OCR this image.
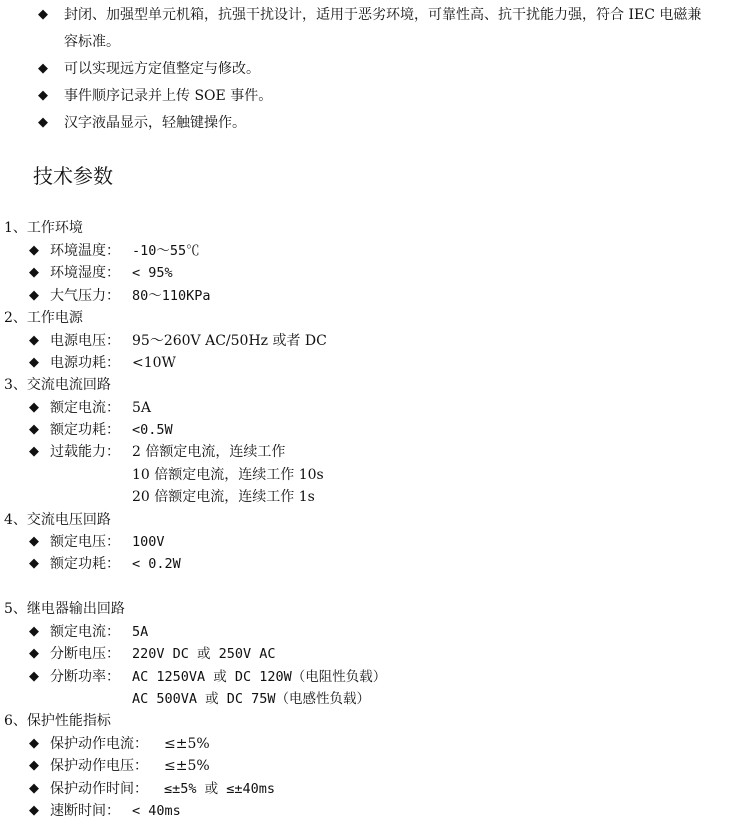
◆ 封闭、加强型单元机箱，抗强干扰设计，适用于恶劣环境，可靠性高、抗干扰能力强，符合 IEC 电磁兼
容标准。
◆ 可以实现远方定值整定与修改。
◆ 事件顺序记录并上传 SOE 事件。
◆ 汉字液晶显示，轻触键操作。
技术参数
1、工作环境
◆ 环境温度： -10～55℃
◆ 环境湿度： < 95%
◆ 大气压力： 80～110KPa
2、工作电源
◆ 电源电压： 95～260V AC/50Hz 或者 DC
◆ 电源功耗： <10W
3、交流电流回路
◆ 额定电流： 5A
◆ 额定功耗： <0.5W
◆ 过载能力： 2 倍额定电流，连续工作
10 倍额定电流，连续工作 10s
20 倍额定电流，连续工作 1s
4、交流电压回路
◆ 额定电压： 100V
◆ 额定功耗： < 0.2W
5、继电器输出回路
◆ 额定电流： 5A
◆ 分断电压： 220V DC 或 250V AC
◆ 分断功率： AC 1250VA 或 DC 120W（电阻性负载）
AC 500VA 或 DC 75W（电感性负载）
6、保护性能指标
◆ 保护动作电流： ≤±5%
◆ 保护动作电压： ≤±5%
◆ 保护动作时间： ≤±5% 或 ≤±40ms
◆ 速断时间： < 40ms
